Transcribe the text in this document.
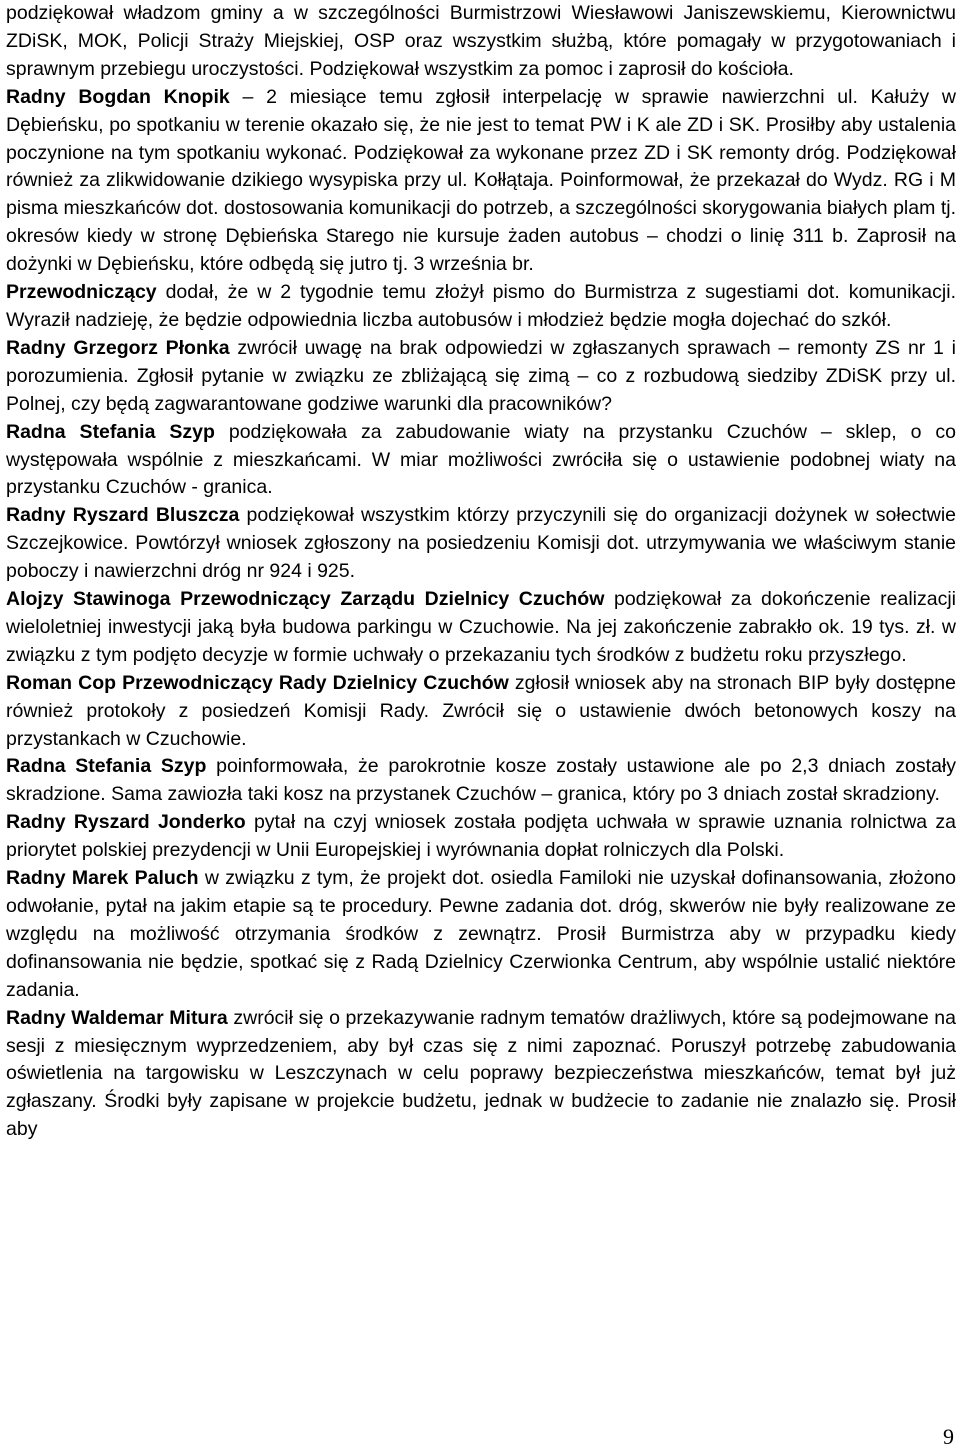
podziękował władzom gminy a w szczególności Burmistrzowi Wiesławowi Janiszewskiemu, Kierownictwu ZDiSK, MOK, Policji Straży Miejskiej, OSP oraz wszystkim służbą, które pomagały w przygotowaniach i sprawnym przebiegu uroczystości. Podziękował wszystkim za pomoc i zaprosił do kościoła.

Radny Bogdan Knopik – 2 miesiące temu zgłosił interpelację w sprawie nawierzchni ul. Kałuży w Dębieńsku, po spotkaniu w terenie okazało się, że nie jest to temat PW i K ale ZD i SK. Prosiłby aby ustalenia poczynione na tym spotkaniu wykonać. Podziękował za wykonane przez ZD i SK remonty dróg. Podziękował również za zlikwidowanie dzikiego wysypiska przy ul. Kołłątaja. Poinformował, że przekazał do Wydz. RG i M pisma mieszkańców dot. dostosowania komunikacji do potrzeb, a szczególności skorygowania białych plam tj. okresów kiedy w stronę Dębieńska Starego nie kursuje żaden autobus – chodzi o linię 311 b. Zaprosił na dożynki w Dębieńsku, które odbędą się jutro tj. 3 września br.

Przewodniczący dodał, że w 2 tygodnie temu złożył pismo do Burmistrza z sugestiami dot. komunikacji. Wyraził nadzieję, że będzie odpowiednia liczba autobusów i młodzież będzie mogła dojechać do szkół.

Radny Grzegorz Płonka zwrócił uwagę na brak odpowiedzi w zgłaszanych sprawach – remonty ZS nr 1 i porozumienia. Zgłosił pytanie w związku ze zbliżającą się zimą – co z rozbudową siedziby ZDiSK przy ul. Polnej, czy będą zagwarantowane godziwe warunki dla pracowników?

Radna Stefania Szyp podziękowała za zabudowanie wiaty na przystanku Czuchów – sklep, o co występowała wspólnie z mieszkańcami. W miar możliwości zwróciła się o ustawienie podobnej wiaty na przystanku Czuchów - granica.

Radny Ryszard Bluszcza podziękował wszystkim którzy przyczynili się do organizacji dożynek w sołectwie Szczejkowice. Powtórzył wniosek zgłoszony na posiedzeniu Komisji dot. utrzymywania we właściwym stanie poboczy i nawierzchni dróg nr 924 i 925.

Alojzy Stawinoga Przewodniczący Zarządu Dzielnicy Czuchów podziękował za dokończenie realizacji wieloletniej inwestycji jaką była budowa parkingu w Czuchowie. Na jej zakończenie zabrakło ok. 19 tys. zł. w związku z tym podjęto decyzje w formie uchwały o przekazaniu tych środków z budżetu roku przyszłego.

Roman Cop Przewodniczący Rady Dzielnicy Czuchów zgłosił wniosek aby na stronach BIP były dostępne również protokoły z posiedzeń Komisji Rady. Zwrócił się o ustawienie dwóch betonowych koszy na przystankach w Czuchowie.

Radna Stefania Szyp poinformowała, że parokrotnie kosze zostały ustawione ale po 2,3 dniach zostały skradzione. Sama zawiozła taki kosz na przystanek Czuchów – granica, który po 3 dniach został skradziony.

Radny Ryszard Jonderko pytał na czyj wniosek została podjęta uchwała w sprawie uznania rolnictwa za priorytet polskiej prezydencji w Unii Europejskiej i wyrównania dopłat rolniczych dla Polski.

Radny Marek Paluch w związku z tym, że projekt dot. osiedla Familoki nie uzyskał dofinansowania, złożono odwołanie, pytał na jakim etapie są te procedury. Pewne zadania dot. dróg, skwerów nie były realizowane ze względu na możliwość otrzymania środków z zewnątrz. Prosił Burmistrza aby w przypadku kiedy dofinansowania nie będzie, spotkać się z Radą Dzielnicy Czerwionka Centrum, aby wspólnie ustalić niektóre zadania.

Radny Waldemar Mitura zwrócił się o przekazywanie radnym tematów drażliwych, które są podejmowane na sesji z miesięcznym wyprzedzeniem, aby był czas się z nimi zapoznać. Poruszył potrzebę zabudowania oświetlenia na targowisku w Leszczynach w celu poprawy bezpieczeństwa mieszkańców, temat był już zgłaszany. Środki były zapisane w projekcie budżetu, jednak w budżecie to zadanie nie znalazło się. Prosił aby

9
